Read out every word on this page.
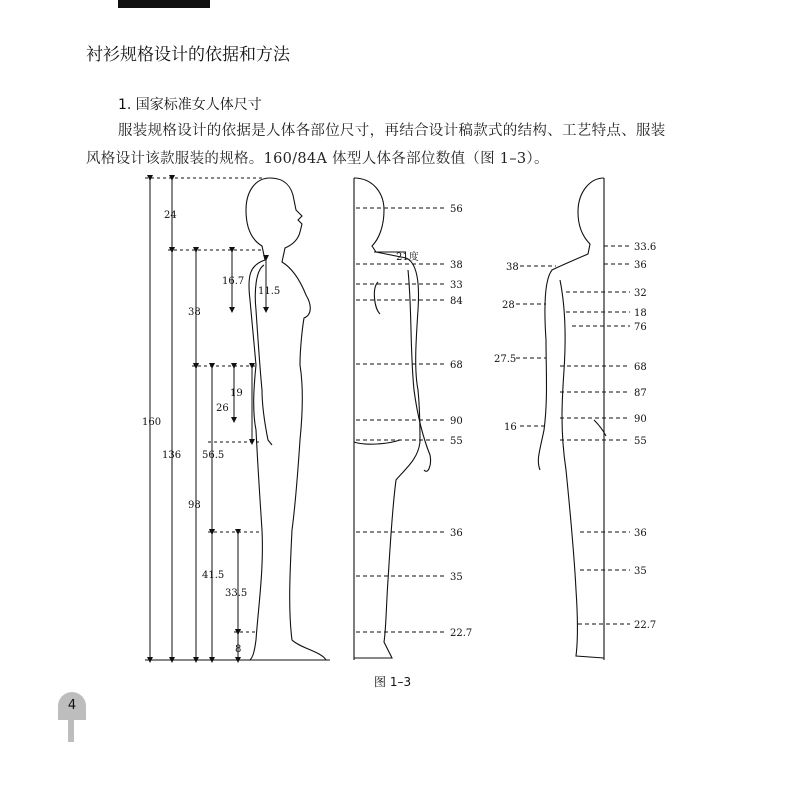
衬衫规格设计的依据和方法
1. 国家标准女人体尺寸
服装规格设计的依据是人体各部位尺寸，再结合设计稿款式的结构、工艺特点、服装
风格设计该款服装的规格。160/84A 体型人体各部位数值（图 1–3）。
160
136
24
38
98
16.7
11.5
19
26
56.5
41.5
33.5
8
56
21度
38
33
84
68
90
55
36
35
22.7
33.6
36
38
32
28
18
76
27.5
68
87
90
16
55
36
35
22.7
图 1–3
4
